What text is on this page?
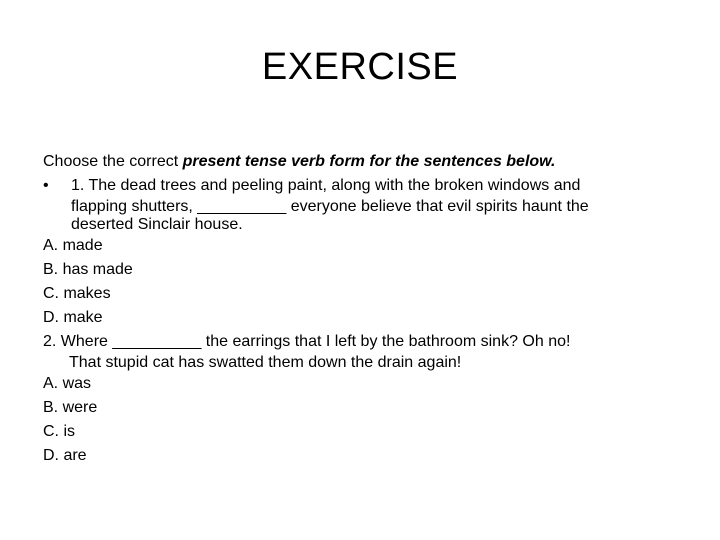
EXERCISE
Choose the correct present tense verb form for the sentences below.
• 1. The dead trees and peeling paint, along with the broken windows and
flapping shutters, __________ everyone believe that evil spirits haunt the
deserted Sinclair house.
A. made
B. has made
C. makes
D. make
2. Where __________ the earrings that I left by the bathroom sink? Oh no!
That stupid cat has swatted them down the drain again!
A. was
B. were
C. is
D. are
